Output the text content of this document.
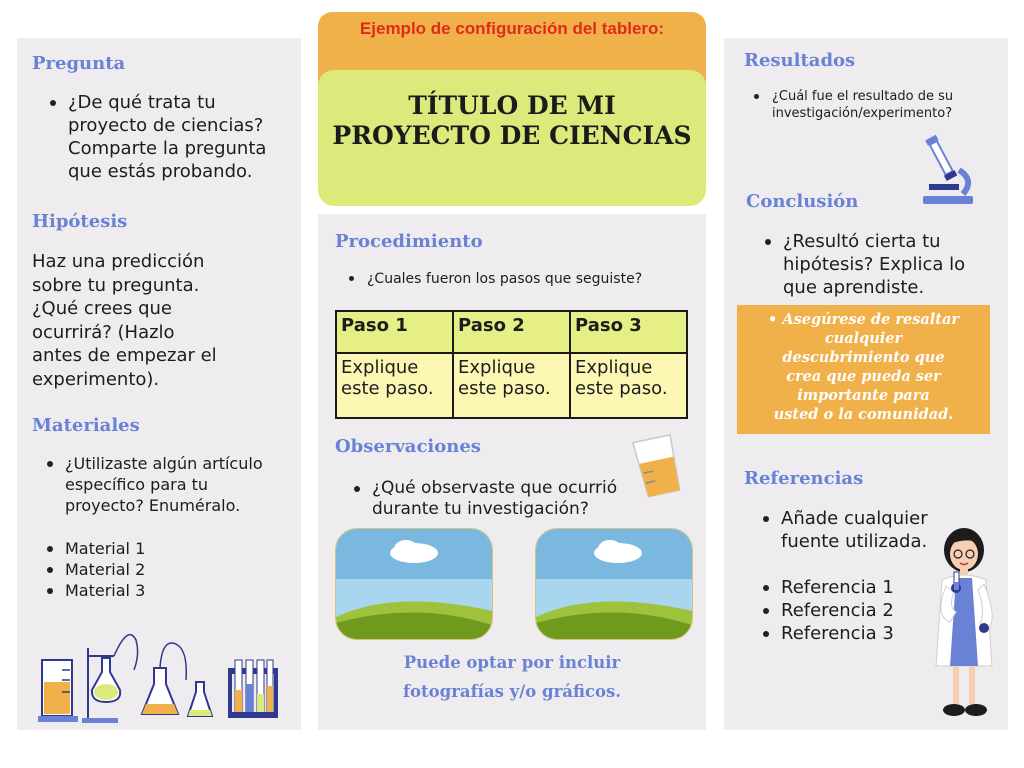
Ejemplo de configuración del tablero:
TÍTULO DE MI
PROYECTO DE CIENCIAS
Pregunta
¿De qué trata tu
proyecto de ciencias?
Comparte la pregunta
que estás probando.
Hipótesis
Haz una predicción
sobre tu pregunta.
¿Qué crees que
ocurrirá? (Hazlo
antes de empezar el
experimento).
Materiales
¿Utilizaste algún artículo
específico para tu
proyecto? Enuméralo.
Material 1
Material 2
Material 3
Procedimiento
¿Cuales fueron los pasos que seguiste?
Paso 1	Paso 2	Paso 3
Explique
este paso.	Explique
este paso.	Explique
este paso.
Observaciones
¿Qué observaste que ocurrió
durante tu investigación?
Puede optar por incluir
fotografías y/o gráficos.
Resultados
¿Cuál fue el resultado de su
investigación/experimento?
Conclusión
¿Resultó cierta tu
hipótesis? Explica lo
que aprendiste.

• Asegúrese de resaltar
cualquier
descubrimiento que
crea que pueda ser
importante para
usted o la comunidad.

Referencias
Añade cualquier
fuente utilizada.
Referencia 1
Referencia 2
Referencia 3
